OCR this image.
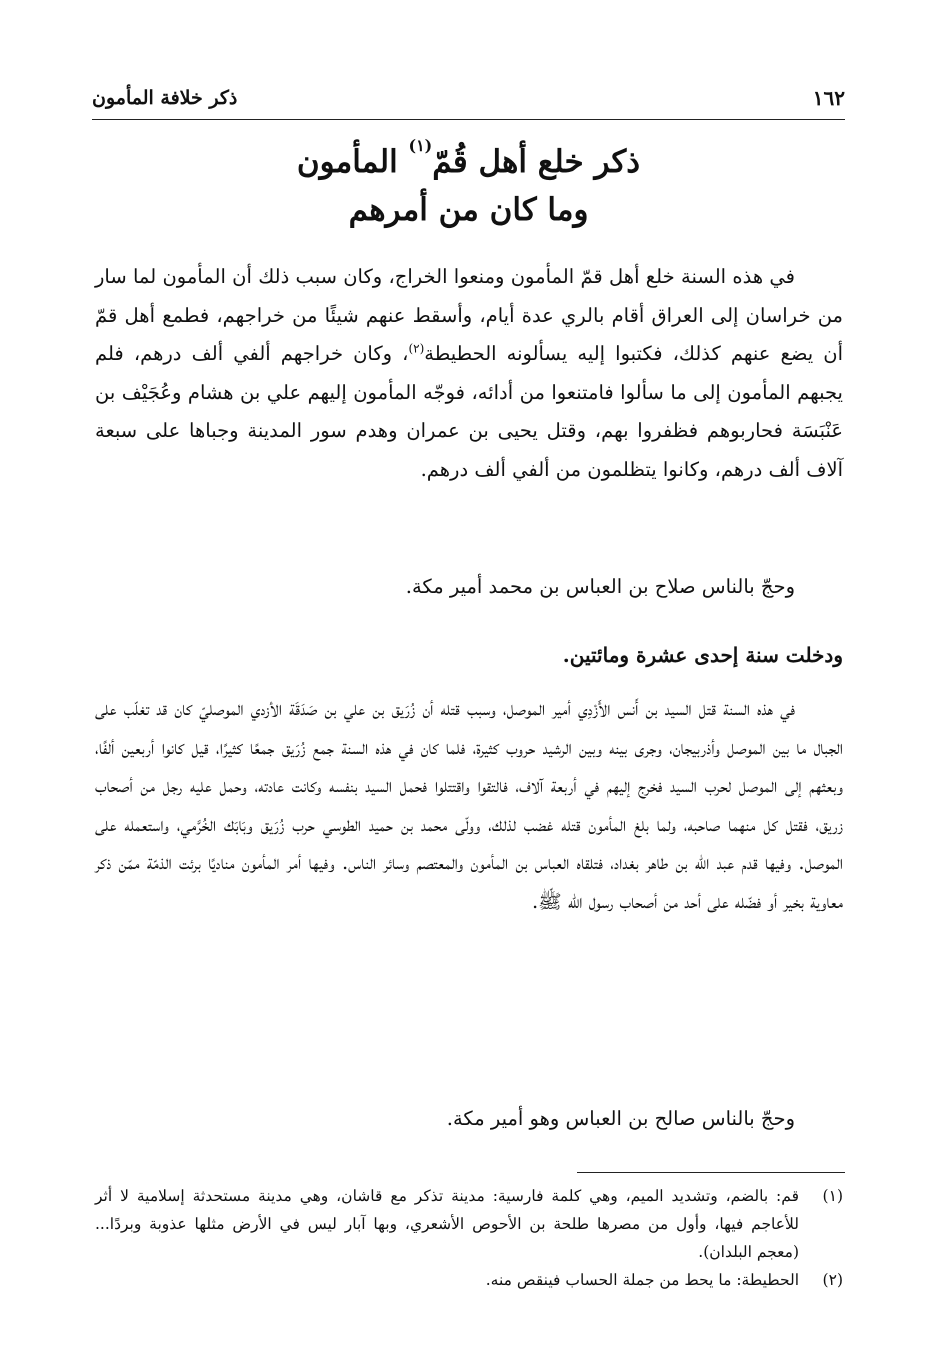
١٦٢
ذكر خلافة المأمون
ذكر خلع أهل قُمّ$^{(١)}$ المأمون
وما كان من أمرهم

في هذه السنة خلع أهل قمّ المأمون ومنعوا الخراج، وكان سبب ذلك أن المأمون لما سار من خراسان إلى العراق أقام بالري عدة أيام، وأسقط عنهم شيئًا من خراجهم، فطمع أهل قمّ أن يضع عنهم كذلك، فكتبوا إليه يسألونه الحطيطة$^{(٢)}$، وكان خراجهم ألفي ألف درهم، فلم يجبهم المأمون إلى ما سألوا فامتنعوا من أدائه، فوجّه المأمون إليهم علي بن هشام وعُجَيْف بن عَنْبَسَة فحاربوهم فظفروا بهم، وقتل يحيى بن عمران وهدم سور المدينة وجباها على سبعة آلاف ألف درهم، وكانوا يتظلمون من ألفي ألف درهم.

وحجّ بالناس صلاح بن العباس بن محمد أمير مكة.

ودخلت سنة إحدى عشرة ومائتين.

في هذه السنة قتل السيد بن أَنس الأَزْدِي أمير الموصل، وسبب قتله أن زُرَيق بن علي بن صَدَقَة الأزدي الموصليّ كان قد تغلّب على الجبال ما بين الموصل وأذربيجان، وجرى بينه وبين الرشيد حروب كثيرة، فلما كان في هذه السنة جمع زُرَيق جمعًا كثيرًا، قيل كانوا أربعين ألفًا، وبعثهم إلى الموصل لحرب السيد فخرج إليهم في أربعة آلاف، فالتقوا واقتتلوا فحمل السيد بنفسه وكانت عادته، وحمل عليه رجل من أصحاب زريق، فقتل كل منهما صاحبه، ولما بلغ المأمون قتله غضب لذلك، وولّى محمد بن حميد الطوسي حرب زُرَيق وبَابَك الخُرَّمي، واستعمله على الموصل. وفيها قدم عبد الله بن طاهر بغداد، فتلقاه العباس بن المأمون والمعتصم وسائر الناس. وفيها أمر المأمون مناديًا برئت الذمّة ممّن ذكر معاوية بخير أو فضّله على أحد من أصحاب رسول الله ﷺ.

وحجّ بالناس صالح بن العباس وهو أمير مكة.

(١)
قم: بالضم، وتشديد الميم، وهي كلمة فارسية: مدينة تذكر مع قاشان، وهي مدينة مستحدثة إسلامية لا أثر للأعاجم فيها، وأول من مصرها طلحة بن الأحوص الأشعري، وبها آبار ليس في الأرض مثلها عذوبة وبردًا... (معجم البلدان).
(٢)
الحطيطة: ما يحط من جملة الحساب فينقص منه.
